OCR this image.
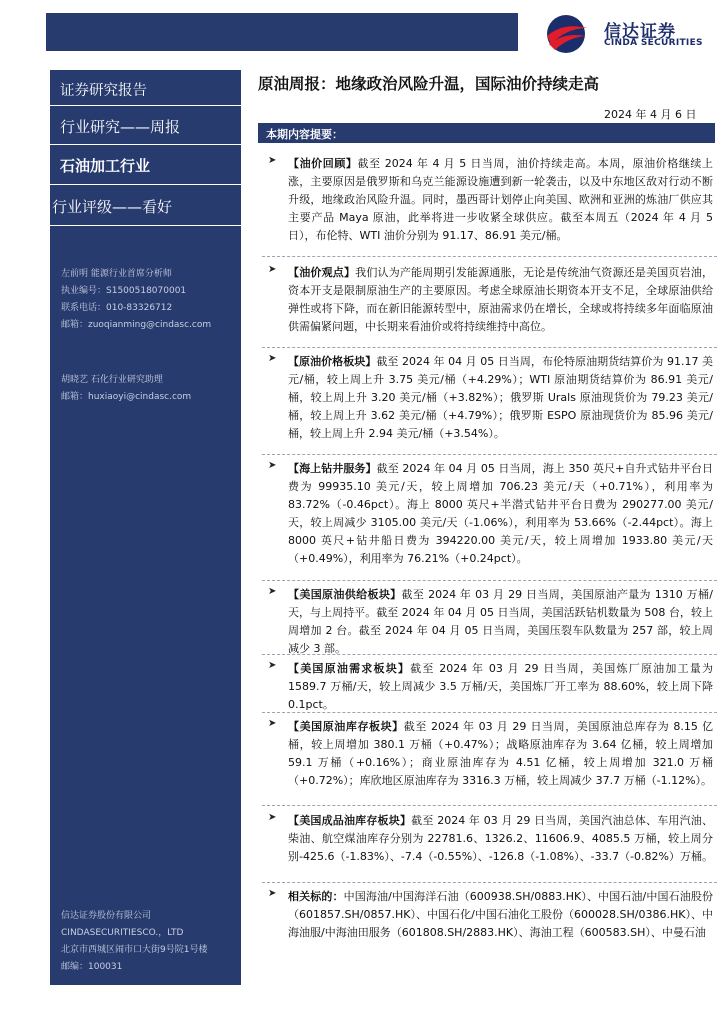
信达证券
CINDA SECURITIES
证券研究报告
行业研究——周报
石油加工行业
行业评级——看好
左前明 能源行业首席分析师
执业编号：S1500518070001
联系电话：010-83326712
邮箱：zuoqianming@cindasc.com
胡晓艺 石化行业研究助理
邮箱：huxiaoyi@cindasc.com
信达证券股份有限公司
CINDASECURITIESCO.，LTD
北京市西城区闹市口大街9号院1号楼
邮编：100031
原油周报：地缘政治风险升温，国际油价持续走高
2024 年 4 月 6 日
本期内容提要：
➤ 【油价回顾】截至 2024 年 4 月 5 日当周，油价持续走高。本周，原油价格继续上涨，主要原因是俄罗斯和乌克兰能源设施遭到新一轮袭击，以及中东地区敌对行动不断升级，地缘政治风险升温。同时，墨西哥计划停止向美国、欧洲和亚洲的炼油厂供应其主要产品 Maya 原油，此举将进一步收紧全球供应。截至本周五（2024 年 4 月 5 日），布伦特、WTI 油价分别为 91.17、86.91 美元/桶。

➤ 【油价观点】我们认为产能周期引发能源通胀，无论是传统油气资源还是美国页岩油，资本开支是限制原油生产的主要原因。考虑全球原油长期资本开支不足，全球原油供给弹性或将下降，而在新旧能源转型中，原油需求仍在增长，全球或将持续多年面临原油供需偏紧问题，中长期来看油价或将持续维持中高位。

➤ 【原油价格板块】截至 2024 年 04 月 05 日当周，布伦特原油期货结算价为 91.17 美元/桶，较上周上升 3.75 美元/桶（+4.29%）；WTI 原油期货结算价为 86.91 美元/桶，较上周上升 3.20 美元/桶（+3.82%）；俄罗斯 Urals 原油现货价为 79.23 美元/桶，较上周上升 3.62 美元/桶（+4.79%）；俄罗斯 ESPO 原油现货价为 85.96 美元/桶，较上周上升 2.94 美元/桶（+3.54%）。

➤ 【海上钻井服务】截至 2024 年 04 月 05 日当周，海上 350 英尺+自升式钻井平台日费为 99935.10 美元/天，较上周增加 706.23 美元/天（+0.71%），利用率为 83.72%（-0.46pct）。海上 8000 英尺+半潜式钻井平台日费为 290277.00 美元/天，较上周减少 3105.00 美元/天（-1.06%），利用率为 53.66%（-2.44pct）。海上 8000 英尺+钻井船日费为 394220.00 美元/天，较上周增加 1933.80 美元/天（+0.49%），利用率为 76.21%（+0.24pct）。

➤ 【美国原油供给板块】截至 2024 年 03 月 29 日当周，美国原油产量为 1310 万桶/天，与上周持平。截至 2024 年 04 月 05 日当周，美国活跃钻机数量为 508 台，较上周增加 2 台。截至 2024 年 04 月 05 日当周，美国压裂车队数量为 257 部，较上周减少 3 部。

➤ 【美国原油需求板块】截至 2024 年 03 月 29 日当周，美国炼厂原油加工量为 1589.7 万桶/天，较上周减少 3.5 万桶/天，美国炼厂开工率为 88.60%，较上周下降 0.1pct。

➤ 【美国原油库存板块】截至 2024 年 03 月 29 日当周，美国原油总库存为 8.15 亿桶，较上周增加 380.1 万桶（+0.47%）；战略原油库存为 3.64 亿桶，较上周增加 59.1 万桶（+0.16%）；商业原油库存为 4.51 亿桶，较上周增加 321.0 万桶（+0.72%）；库欣地区原油库存为 3316.3 万桶，较上周减少 37.7 万桶（-1.12%）。

➤ 【美国成品油库存板块】截至 2024 年 03 月 29 日当周，美国汽油总体、车用汽油、柴油、航空煤油库存分别为 22781.6、1326.2、11606.9、4085.5 万桶，较上周分别-425.6（-1.83%）、-7.4（-0.55%）、-126.8（-1.08%）、-33.7（-0.82%）万桶。

➤ 相关标的：中国海油/中国海洋石油（600938.SH/0883.HK）、中国石油/中国石油股份（601857.SH/0857.HK）、中国石化/中国石油化工股份（600028.SH/0386.HK）、中海油服/中海油田服务（601808.SH/2883.HK）、海油工程（600583.SH）、中曼石油
